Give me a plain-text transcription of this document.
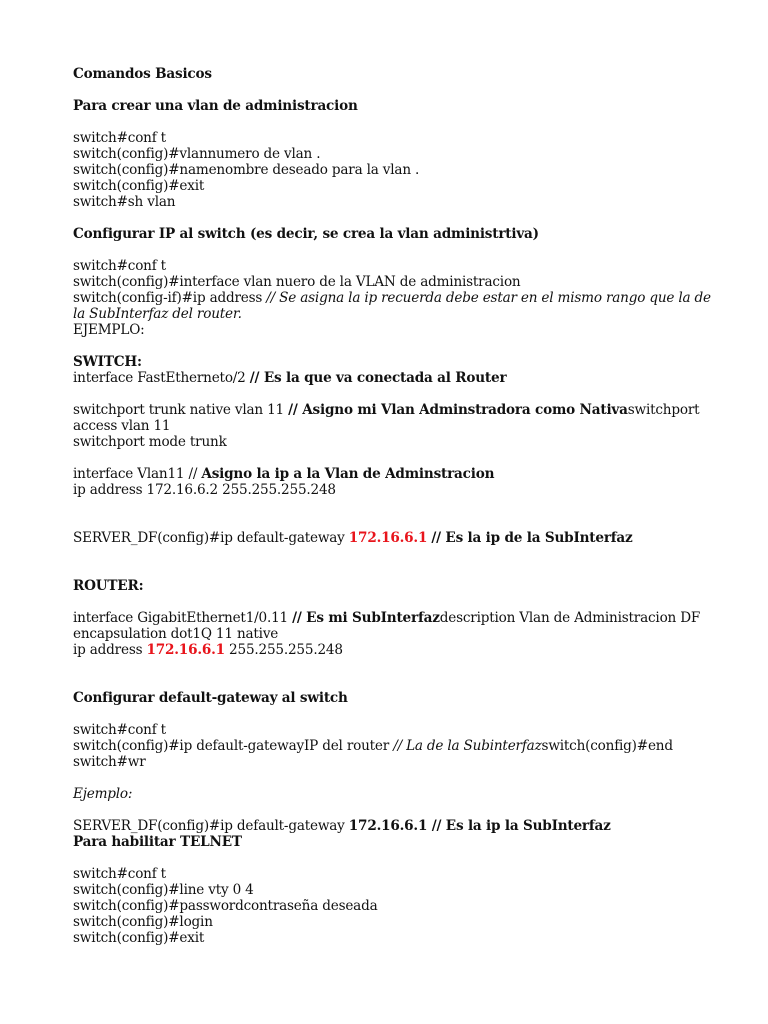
Comandos Basicos
Para crear una vlan de administracion
switch#conf t
switch(config)#vlannumero de vlan .
switch(config)#namenombre deseado para la vlan .
switch(config)#exit
switch#sh vlan
Configurar IP al switch (es decir, se crea la vlan administrtiva)
switch#conf t
switch(config)#interface vlan nuero de la VLAN de administracion
switch(config-if)#ip address // Se asigna la ip recuerda debe estar en el mismo rango que la de la SubInterfaz del router.
EJEMPLO:
SWITCH:
interface FastEtherneto/2 // Es la que va conectada al Router
switchport trunk native vlan 11 // Asigno mi Vlan Adminstradora como Nativaswitchport access vlan 11
switchport mode trunk
interface Vlan11 // Asigno la ip a la Vlan de Adminstracion
ip address 172.16.6.2 255.255.255.248
SERVER_DF(config)#ip default-gateway 172.16.6.1 // Es la ip de la SubInterfaz
ROUTER:
interface GigabitEthernet1/0.11 // Es mi SubInterfazdescription Vlan de Administracion DF encapsulation dot1Q 11 native
ip address 172.16.6.1 255.255.255.248
Configurar default-gateway al switch
switch#conf t
switch(config)#ip default-gatewayIP del router // La de la Subinterfazswitch(config)#end
switch#wr
Ejemplo:
SERVER_DF(config)#ip default-gateway 172.16.6.1 // Es la ip la SubInterfaz
Para habilitar TELNET
switch#conf t
switch(config)#line vty 0 4
switch(config)#passwordcontraseña deseada
switch(config)#login
switch(config)#exit
